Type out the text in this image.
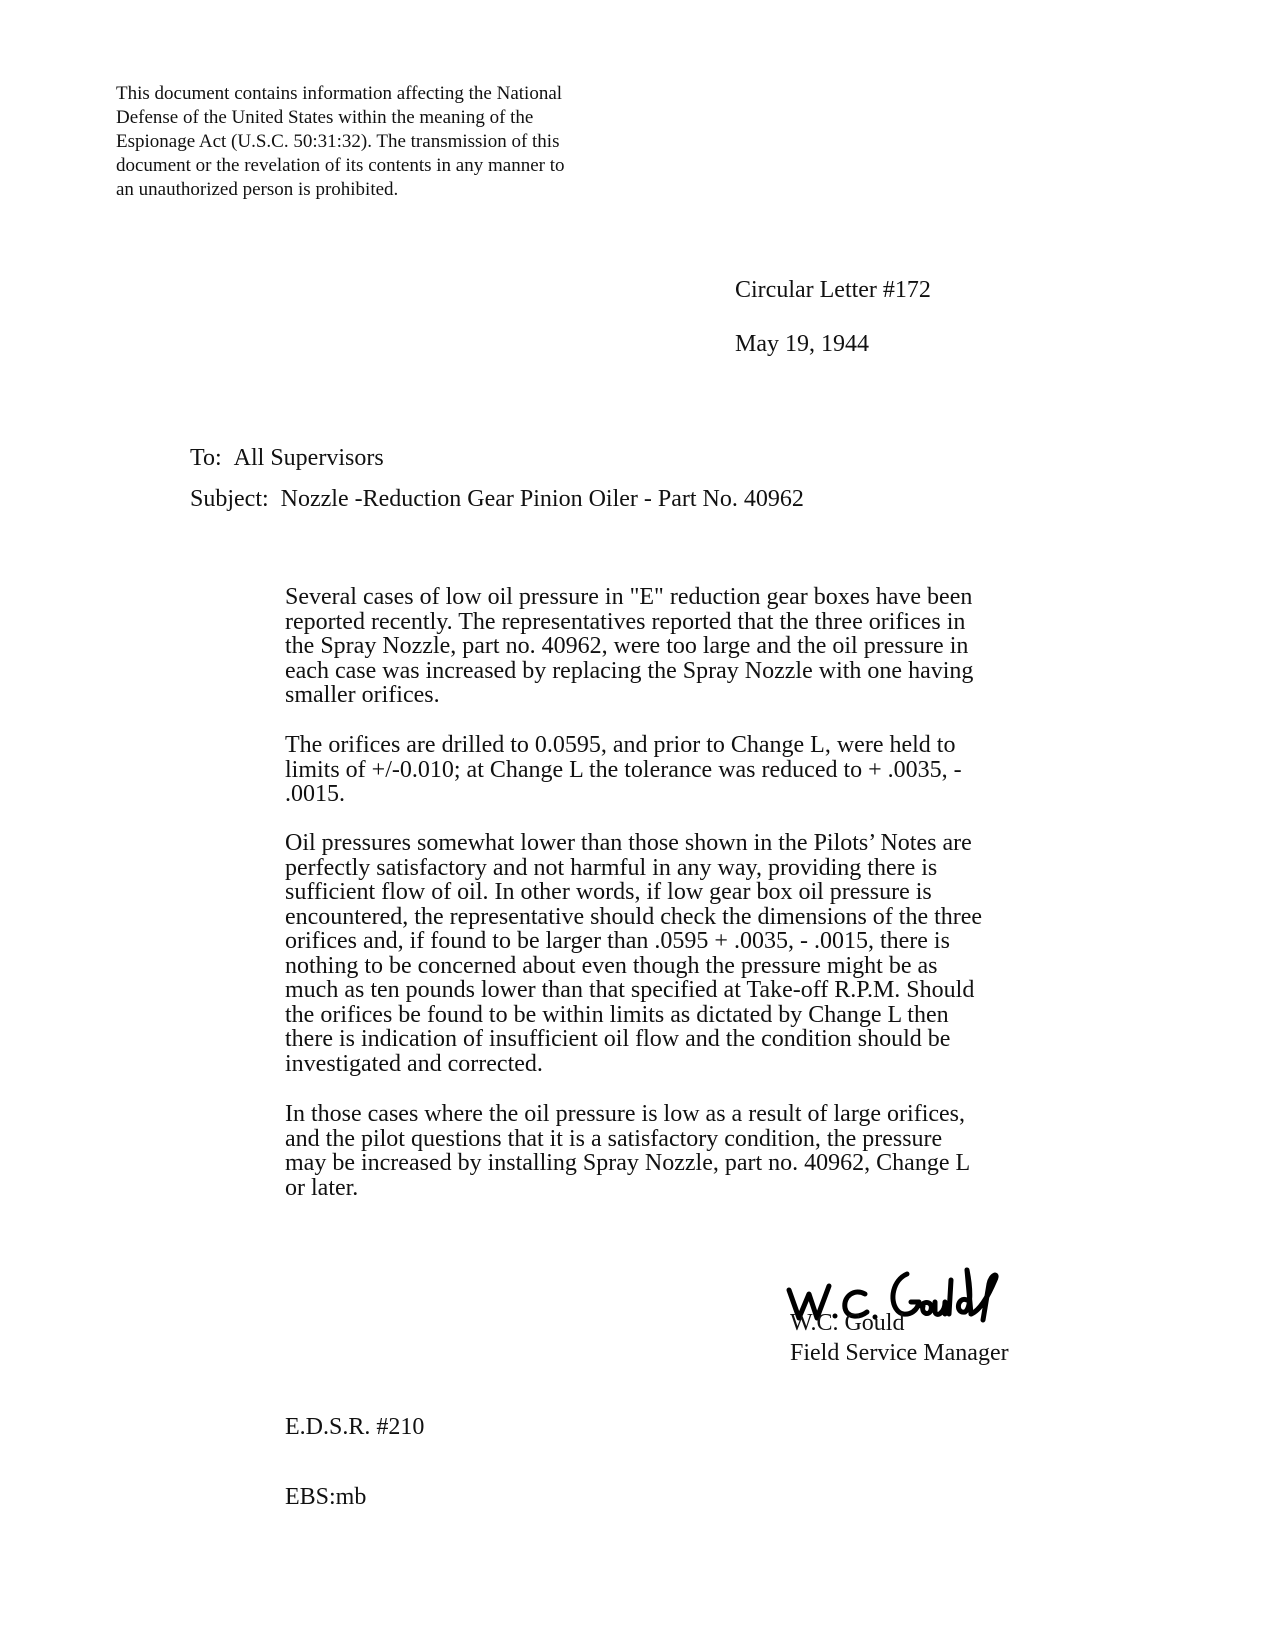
This document contains information affecting the National
Defense of the United States within the meaning of the
Espionage Act (U.S.C. 50:31:32). The transmission of this
document or the revelation of its contents in any manner to
an unauthorized person is prohibited.
Circular Letter #172
May 19, 1944
To: All Supervisors
Subject: Nozzle -Reduction Gear Pinion Oiler - Part No. 40962
Several cases of low oil pressure in "E" reduction gear boxes have been
reported recently. The representatives reported that the three orifices in
the Spray Nozzle, part no. 40962, were too large and the oil pressure in
each case was increased by replacing the Spray Nozzle with one having
smaller orifices.
The orifices are drilled to 0.0595, and prior to Change L, were held to
limits of +/-0.010; at Change L the tolerance was reduced to + .0035, -
.0015.
Oil pressures somewhat lower than those shown in the Pilots’ Notes are
perfectly satisfactory and not harmful in any way, providing there is
sufficient flow of oil. In other words, if low gear box oil pressure is
encountered, the representative should check the dimensions of the three
orifices and, if found to be larger than .0595 + .0035, - .0015, there is
nothing to be concerned about even though the pressure might be as
much as ten pounds lower than that specified at Take-off R.P.M. Should
the orifices be found to be within limits as dictated by Change L then
there is indication of insufficient oil flow and the condition should be
investigated and corrected.
In those cases where the oil pressure is low as a result of large orifices,
and the pilot questions that it is a satisfactory condition, the pressure
may be increased by installing Spray Nozzle, part no. 40962, Change L
or later.
W.C. Gould
Field Service Manager
E.D.S.R. #210
EBS:mb
